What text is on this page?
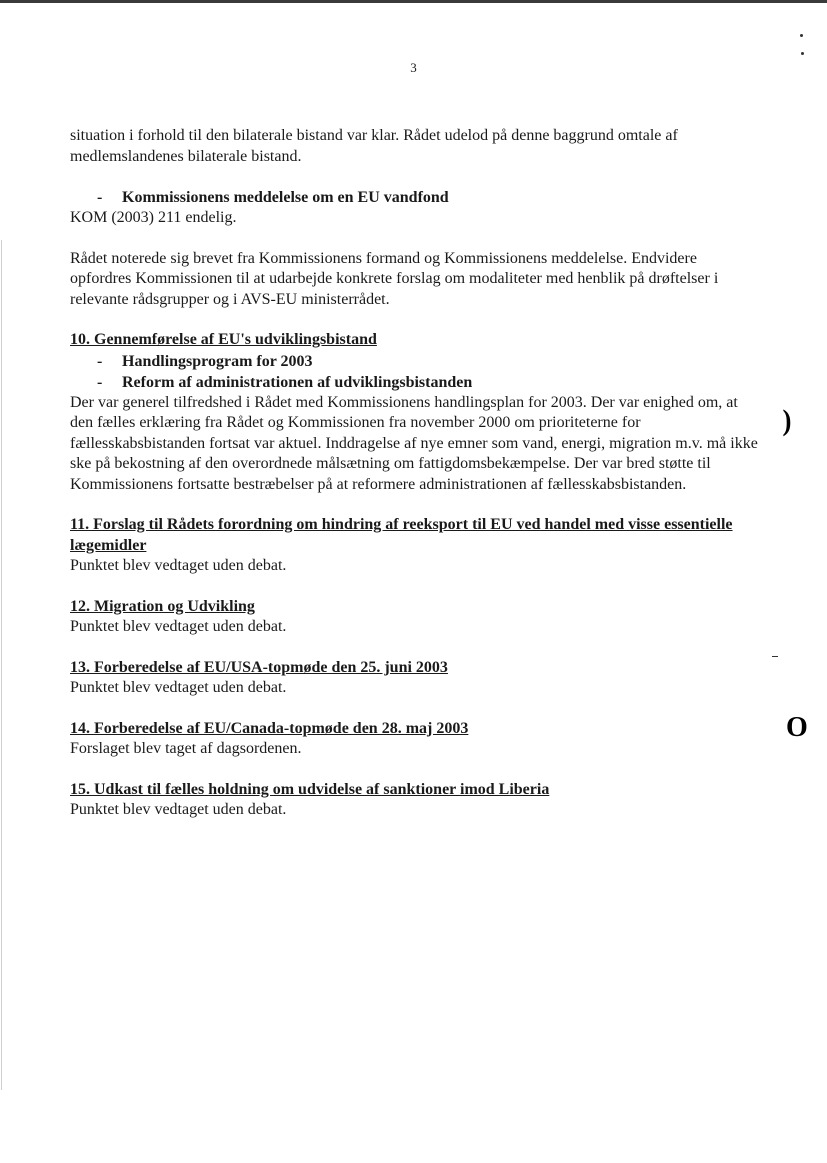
3

situation i forhold til den bilaterale bistand var klar. Rådet udelod på denne baggrund omtale af medlemslandenes bilaterale bistand.

- Kommissionens meddelelse om en EU vandfond

KOM (2003) 211 endelig.

Rådet noterede sig brevet fra Kommissionens formand og Kommissionens meddelelse. Endvidere opfordres Kommissionen til at udarbejde konkrete forslag om modaliteter med henblik på drøftelser i relevante rådsgrupper og i AVS-EU ministerrådet.

10. Gennemførelse af EU's udviklingsbistand

- Handlingsprogram for 2003
- Reform af administrationen af udviklingsbistanden

Der var generel tilfredshed i Rådet med Kommissionens handlingsplan for 2003. Der var enighed om, at den fælles erklæring fra Rådet og Kommissionen fra november 2000 om prioriteterne for fællesskabsbistanden fortsat var aktuel. Inddragelse af nye emner som vand, energi, migration m.v. må ikke ske på bekostning af den overordnede målsætning om fattigdomsbekæmpelse. Der var bred støtte til Kommissionens fortsatte bestræbelser på at reformere administrationen af fællesskabsbistanden.

11. Forslag til Rådets forordning om hindring af reeksport til EU ved handel med visse essentielle lægemidler

Punktet blev vedtaget uden debat.

12. Migration og Udvikling

Punktet blev vedtaget uden debat.

13. Forberedelse af EU/USA-topmøde den 25. juni 2003

Punktet blev vedtaget uden debat.

14. Forberedelse af EU/Canada-topmøde den 28. maj 2003

Forslaget blev taget af dagsordenen.

15. Udkast til fælles holdning om udvidelse af sanktioner imod Liberia

Punktet blev vedtaget uden debat.

)
O
